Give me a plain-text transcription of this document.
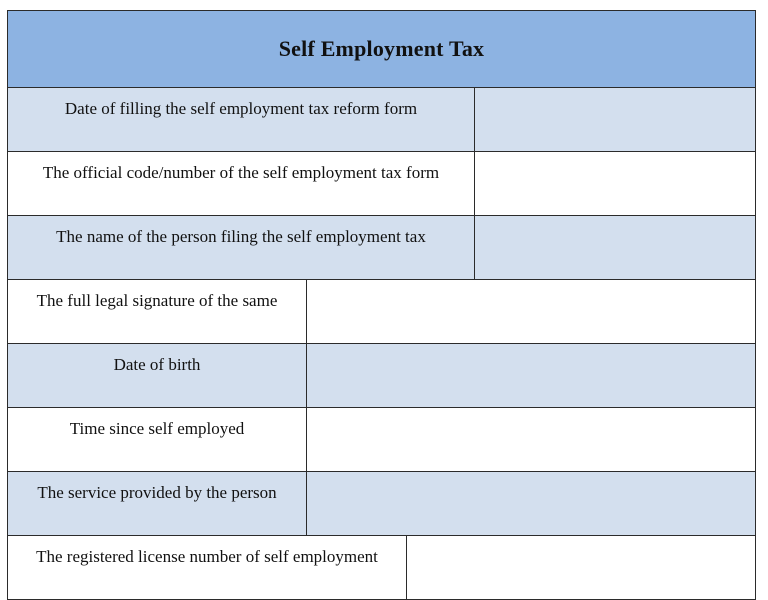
Self Employment Tax
Date of filling the self employment tax reform form
The official code/number of the self employment tax form
The name of the person filing the self employment tax
The full legal signature of the same
Date of birth
Time since self employed
The service provided by the person
The registered license number of self employment
